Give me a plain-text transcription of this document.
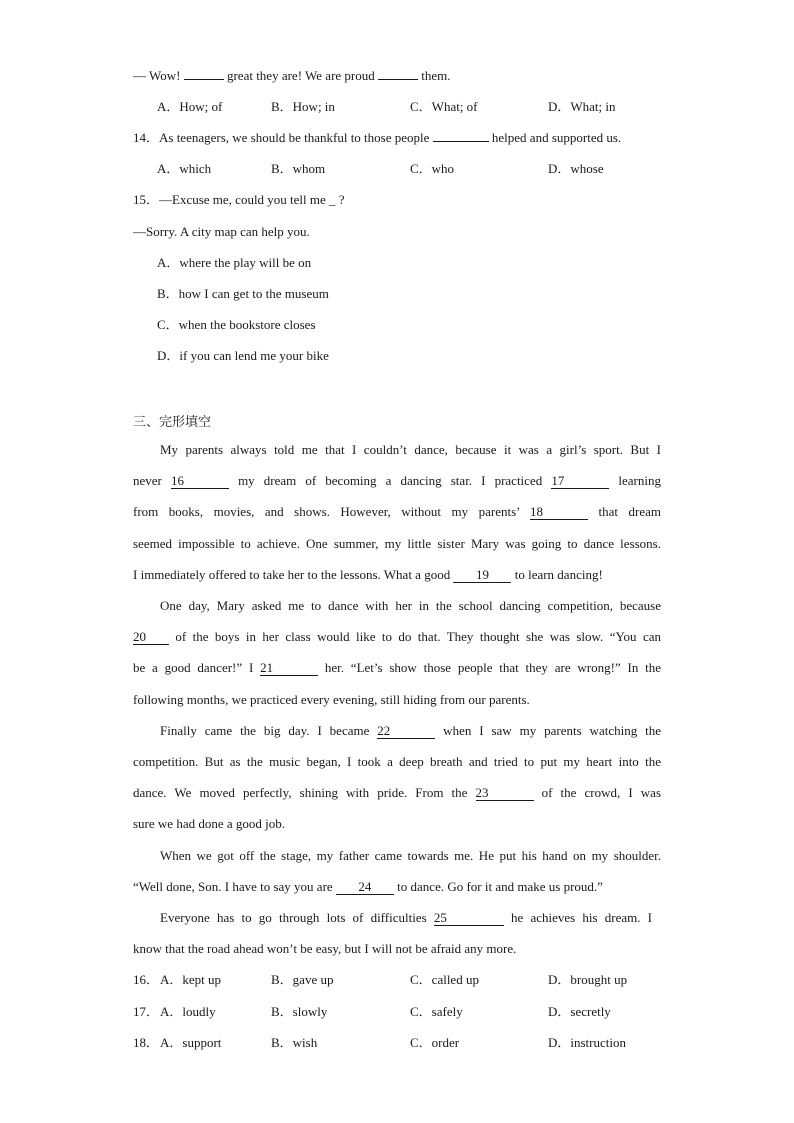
— Wow!	great they are! We are proud	them.
A．How; of	B．How; in	C．What; of	D．What; in
14．As teenagers, we should be thankful to those people	helped and supported us.
A．which	B．whom	C．who	D．whose
15．—Excuse me, could you tell me _ ?
—Sorry. A city map can help you.
A．where the play will be on
B．how I can get to the museum
C．when the bookstore closes
D．if you can lend me your bike
三、完形填空
My parents always told me that I couldn’t dance, because it was a girl’s sport. But I
never 16	my dream of becoming a dancing star. I practiced 17	learning
from books, movies, and shows. However, without my parents’ 18	that dream
seemed impossible to achieve. One summer, my little sister Mary was going to dance lessons.
I immediately offered to take her to the lessons. What a good 19 to learn dancing!
One day, Mary asked me to dance with her in the school dancing competition, because
20 of the boys in her class would like to do that. They thought she was slow. “You can
be a good dancer!” I 21	her. “Let’s show those people that they are wrong!” In the
following months, we practiced every evening, still hiding from our parents.
Finally came the big day. I became 22	when I saw my parents watching the
competition. But as the music began, I took a deep breath and tried to put my heart into the
dance. We moved perfectly, shining with pride. From the 23	of the crowd, I was
sure we had done a good job.
When we got off the stage, my father came towards me. He put his hand on my shoulder.
“Well done, Son. I have to say you are 24 to dance. Go for it and make us proud.”
Everyone has to go through lots of difficulties 25	he achieves his dream. I
know that the road ahead won’t be easy, but I will not be afraid any more.
16． A．kept up	B．gave up	C．called up	D．brought up
17． A．loudly	B．slowly	C．safely	D．secretly
18． A．support	B．wish	C．order	D．instruction
